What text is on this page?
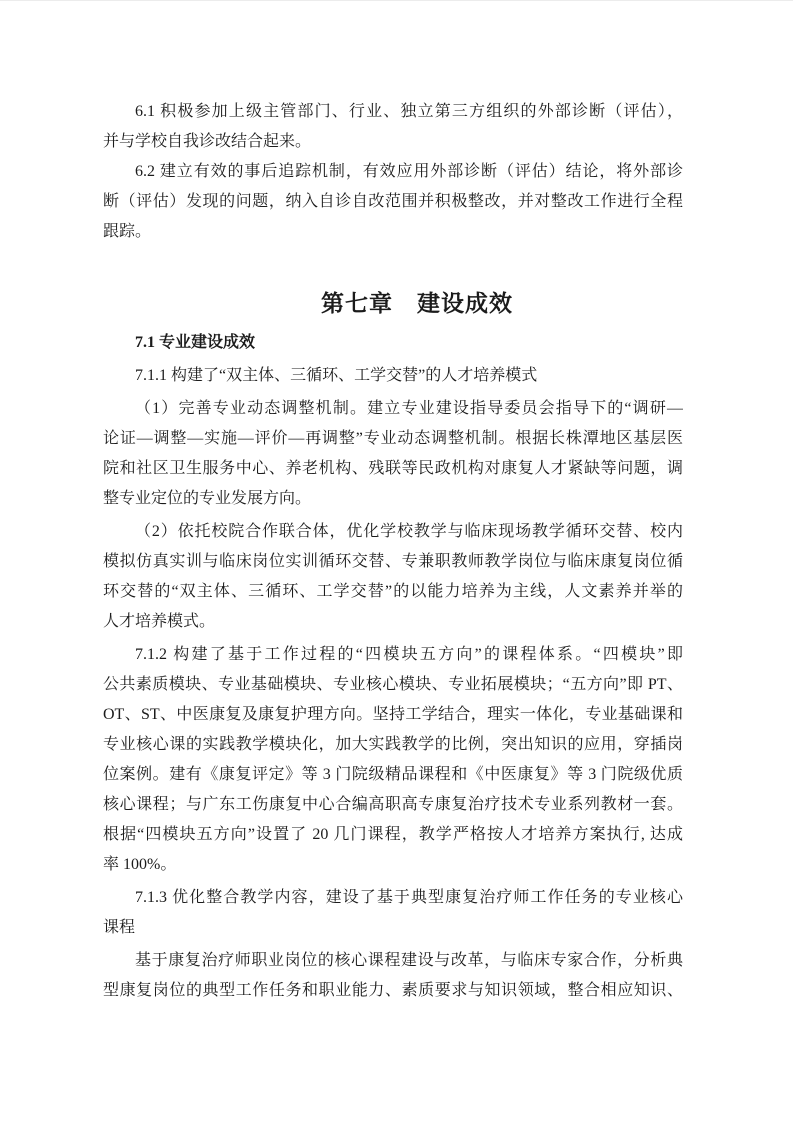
6.1 积极参加上级主管部门、行业、独立第三方组织的外部诊断（评估），
并与学校自我诊改结合起来。
6.2 建立有效的事后追踪机制，有效应用外部诊断（评估）结论，将外部诊
断（评估）发现的问题，纳入自诊自改范围并积极整改，并对整改工作进行全程
跟踪。
第七章　建设成效
7.1 专业建设成效
7.1.1 构建了“双主体、三循环、工学交替”的人才培养模式
（1）完善专业动态调整机制。建立专业建设指导委员会指导下的“调研—
论证—调整—实施—评价—再调整”专业动态调整机制。根据长株潭地区基层医
院和社区卫生服务中心、养老机构、残联等民政机构对康复人才紧缺等问题，调
整专业定位的专业发展方向。
（2）依托校院合作联合体，优化学校教学与临床现场教学循环交替、校内
模拟仿真实训与临床岗位实训循环交替、专兼职教师教学岗位与临床康复岗位循
环交替的“双主体、三循环、工学交替”的以能力培养为主线，人文素养并举的
人才培养模式。
7.1.2 构建了基于工作过程的“四模块五方向”的课程体系。“四模块”即
公共素质模块、专业基础模块、专业核心模块、专业拓展模块；“五方向”即 PT、
OT、ST、中医康复及康复护理方向。坚持工学结合，理实一体化，专业基础课和
专业核心课的实践教学模块化，加大实践教学的比例，突出知识的应用，穿插岗
位案例。建有《康复评定》等 3 门院级精品课程和《中医康复》等 3 门院级优质
核心课程；与广东工伤康复中心合编高职高专康复治疗技术专业系列教材一套。
根据“四模块五方向”设置了 20 几门课程，教学严格按人才培养方案执行, 达成
率 100%。
7.1.3 优化整合教学内容，建设了基于典型康复治疗师工作任务的专业核心
课程
基于康复治疗师职业岗位的核心课程建设与改革，与临床专家合作，分析典
型康复岗位的典型工作任务和职业能力、素质要求与知识领域，整合相应知识、
